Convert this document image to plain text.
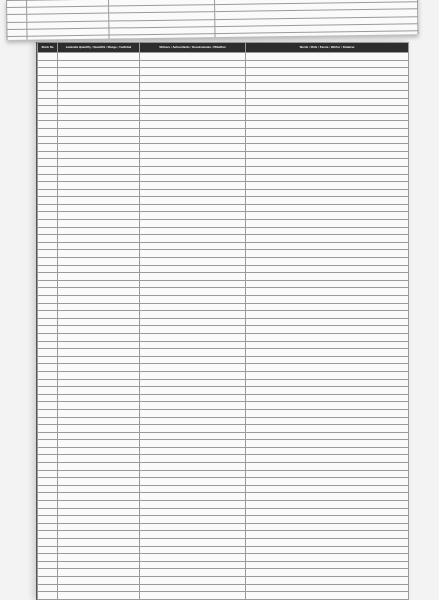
Stock No	Laminate Quantity / Quantità / Menge / Cantidad	Stickers / Autocollants / Decalcomanie / Etiketten	Words / Mots / Parole / Wörter / Palabras
